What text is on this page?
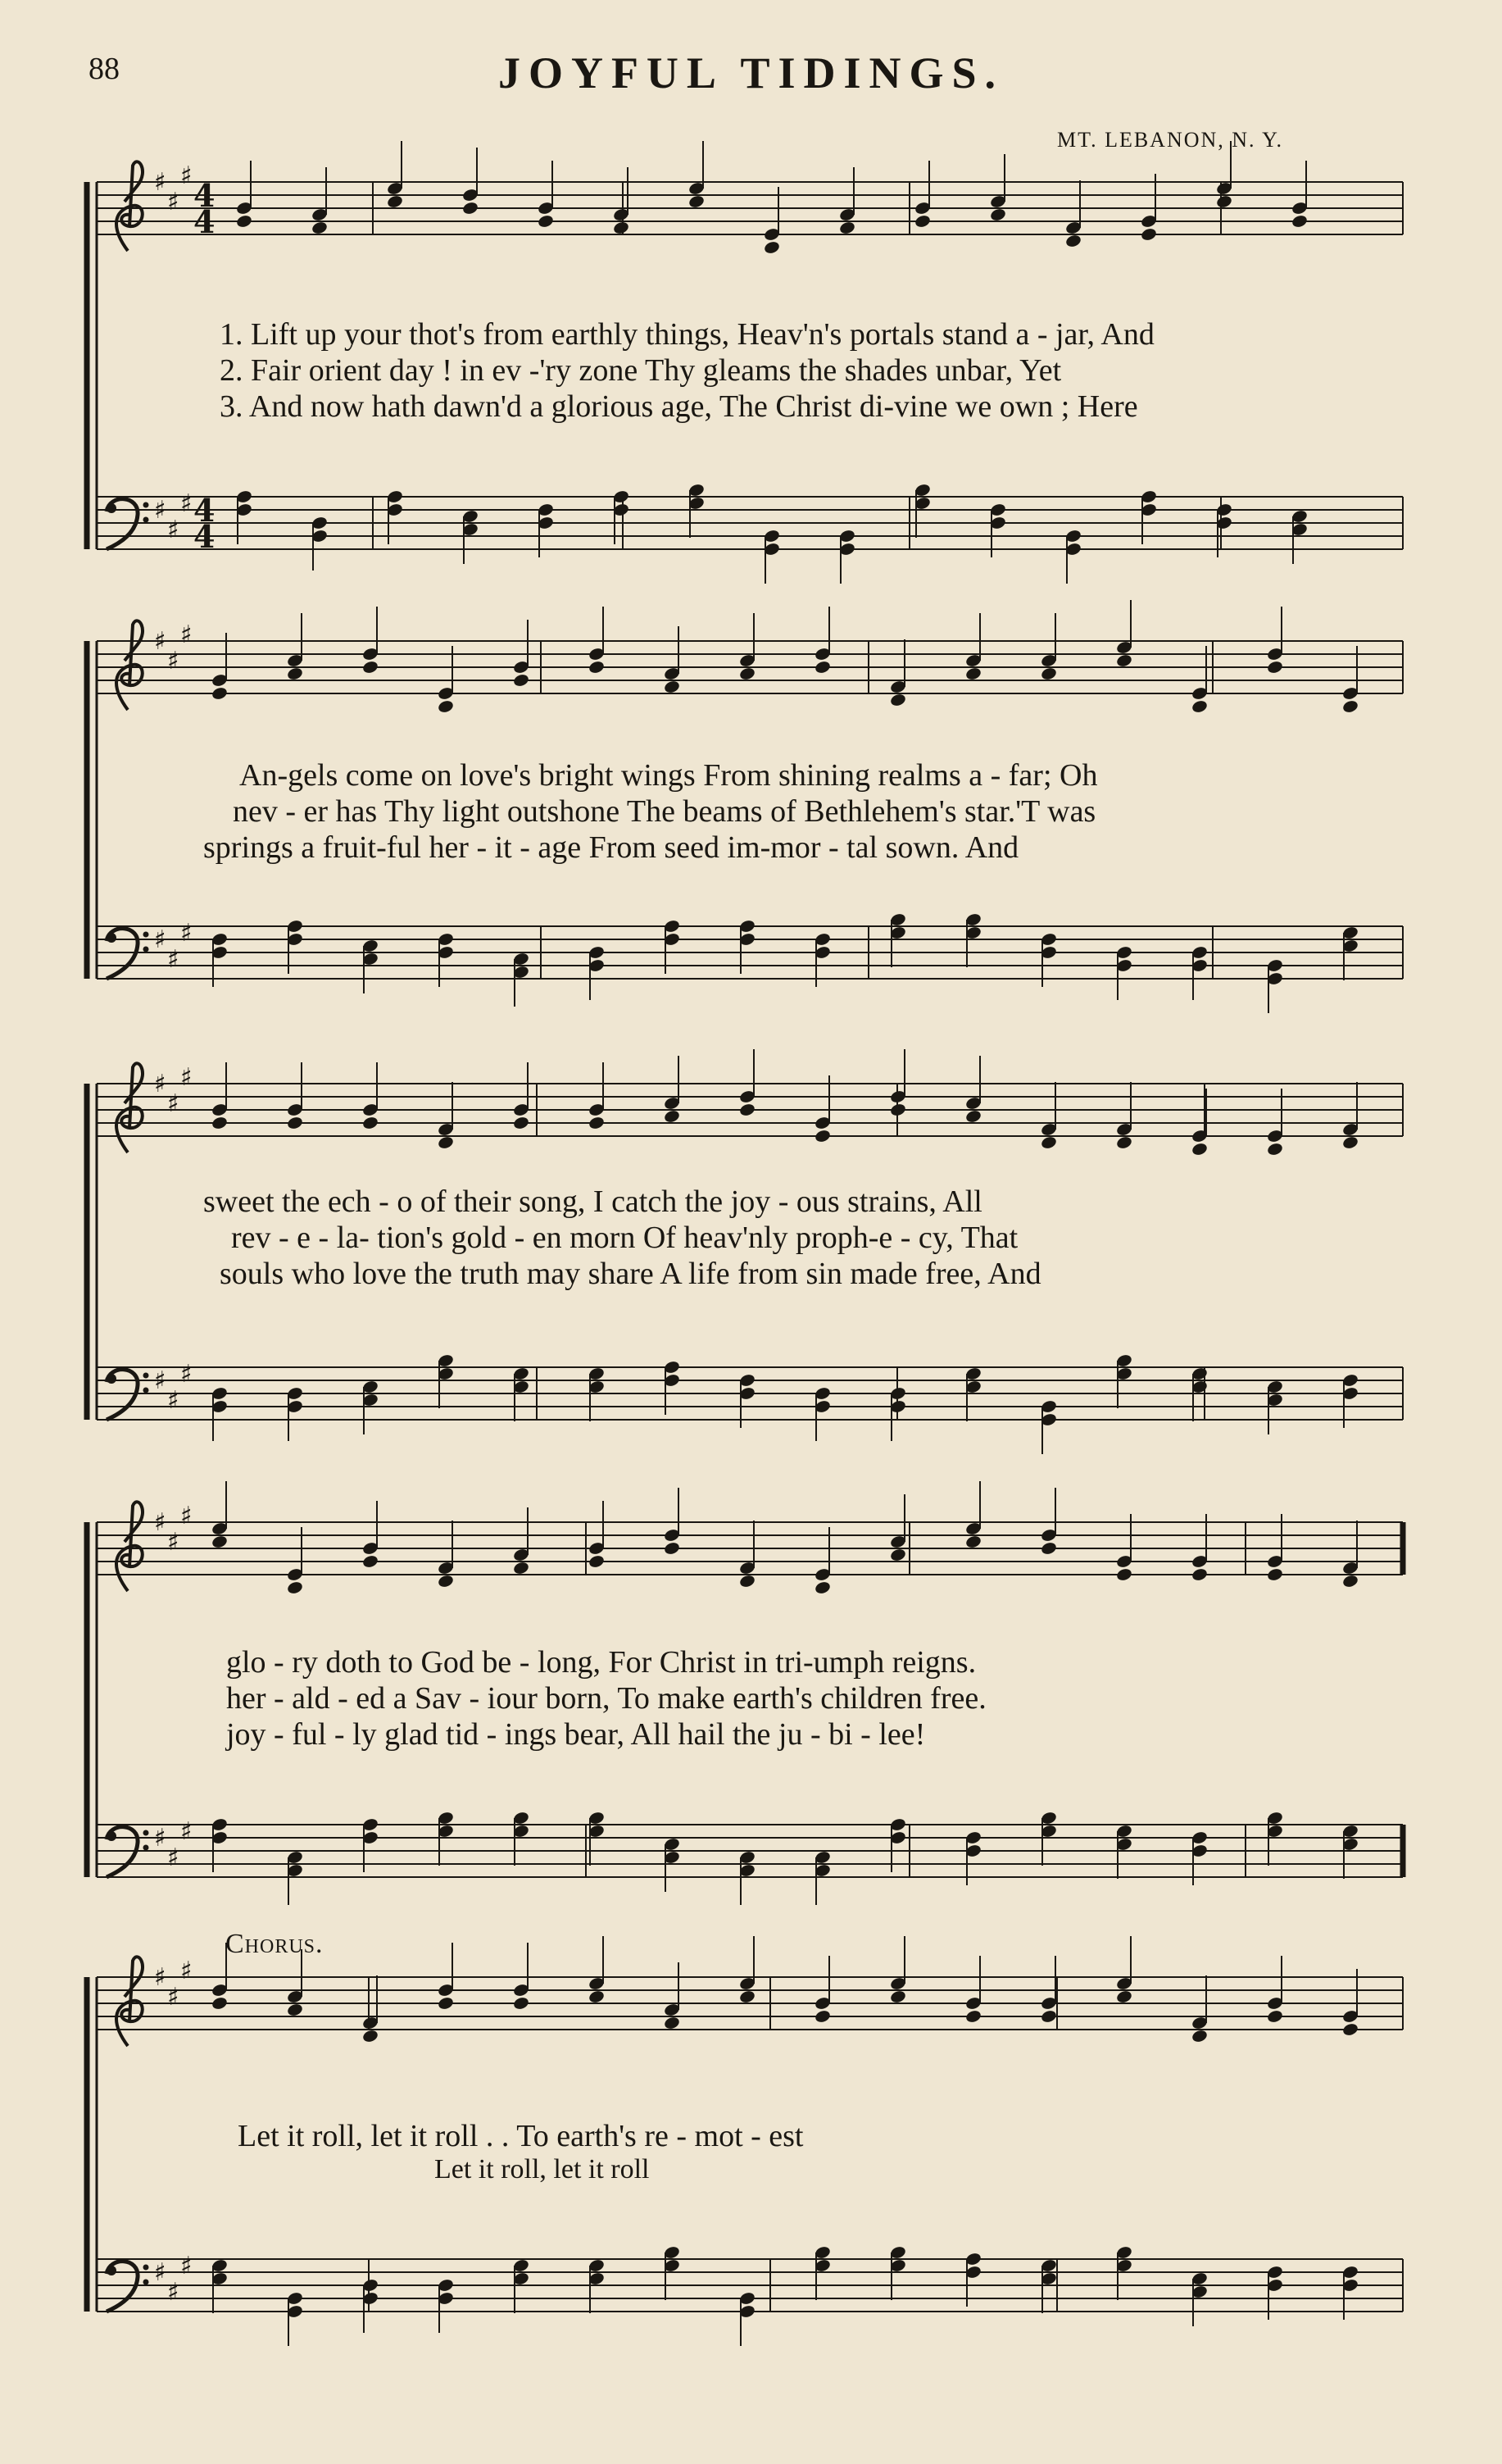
88	JOYFUL TIDINGS.
MT. LEBANON, N. Y.
♯
♯
♯
♯
♯
♯
4
4
4
4
♯
♯
♯
♯
♯
♯
♯
♯
♯
♯
♯
♯
♯
♯
♯
♯
♯
♯
♯
♯
♯
♯
♯
♯
1. Lift up your thot's from earthly things, Heav'n's portals stand a - jar, And
2. Fair orient day ! in ev -'ry zone Thy gleams the shades unbar, Yet
3. And now hath dawn'd a glorious age, The Christ di-vine we own ; Here
An-gels come on love's bright wings From shining realms a - far; Oh
nev - er has Thy light outshone The beams of Bethlehem's star.'T was
springs a fruit-ful her - it - age From seed im-mor - tal sown. And
sweet the ech - o of their song, I catch the joy - ous strains, All
rev - e - la- tion's gold - en morn Of heav'nly proph-e - cy, That
souls who love the truth may share A life from sin made free, And
glo - ry doth to God be - long, For Christ in tri-umph reigns.
her - ald - ed a Sav - iour born, To make earth's children free.
joy - ful - ly glad tid - ings bear, All hail the ju - bi - lee!
Chorus.
Let it roll, let it roll . . To earth's re - mot - est
Let it roll, let it roll
